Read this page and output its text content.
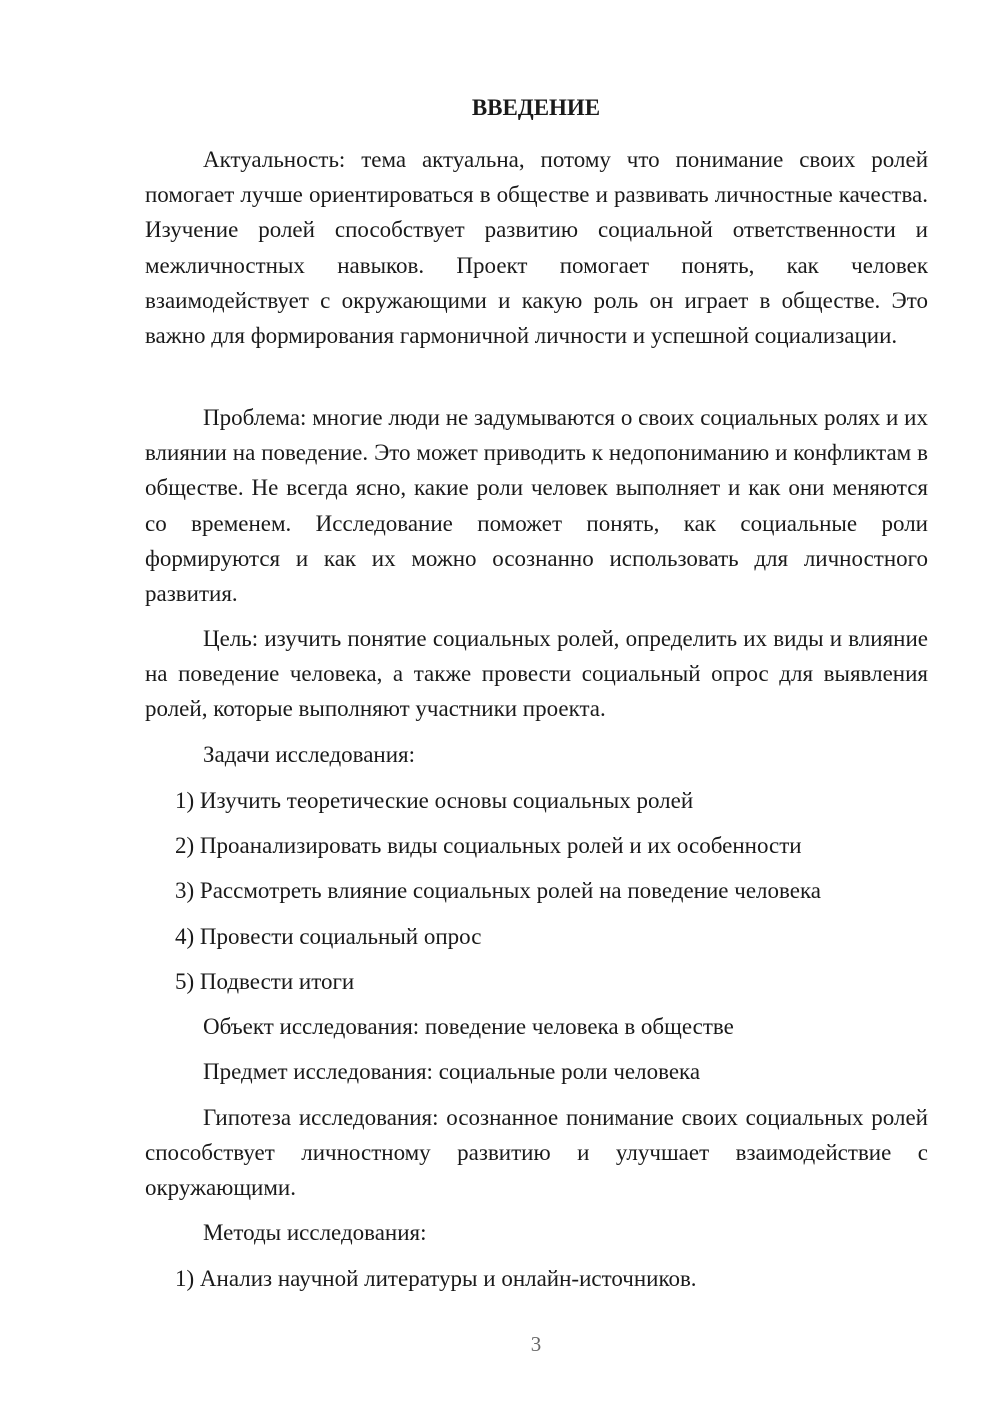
ВВЕДЕНИЕ

Актуальность: тема актуальна, потому что понимание своих ролей помогает лучше ориентироваться в обществе и развивать личностные качества. Изучение ролей способствует развитию социальной ответственности и межличностных навыков. Проект помогает понять, как человек взаимодействует с окружающими и какую роль он играет в обществе. Это важно для формирования гармоничной личности и успешной социализации.

Проблема: многие люди не задумываются о своих социальных ролях и их влиянии на поведение. Это может приводить к недопониманию и конфликтам в обществе. Не всегда ясно, какие роли человек выполняет и как они меняются со временем. Исследование поможет понять, как социальные роли формируются и как их можно осознанно использовать для личностного развития.

Цель: изучить понятие социальных ролей, определить их виды и влияние на поведение человека, а также провести социальный опрос для выявления ролей, которые выполняют участники проекта.

Задачи исследования:

1) Изучить теоретические основы социальных ролей

2) Проанализировать виды социальных ролей и их особенности

3) Рассмотреть влияние социальных ролей на поведение человека

4) Провести социальный опрос

5) Подвести итоги

Объект исследования: поведение человека в обществе

Предмет исследования: социальные роли человека

Гипотеза исследования: осознанное понимание своих социальных ролей способствует личностному развитию и улучшает взаимодействие с окружающими.

Методы исследования:

1) Анализ научной литературы и онлайн-источников.

3
